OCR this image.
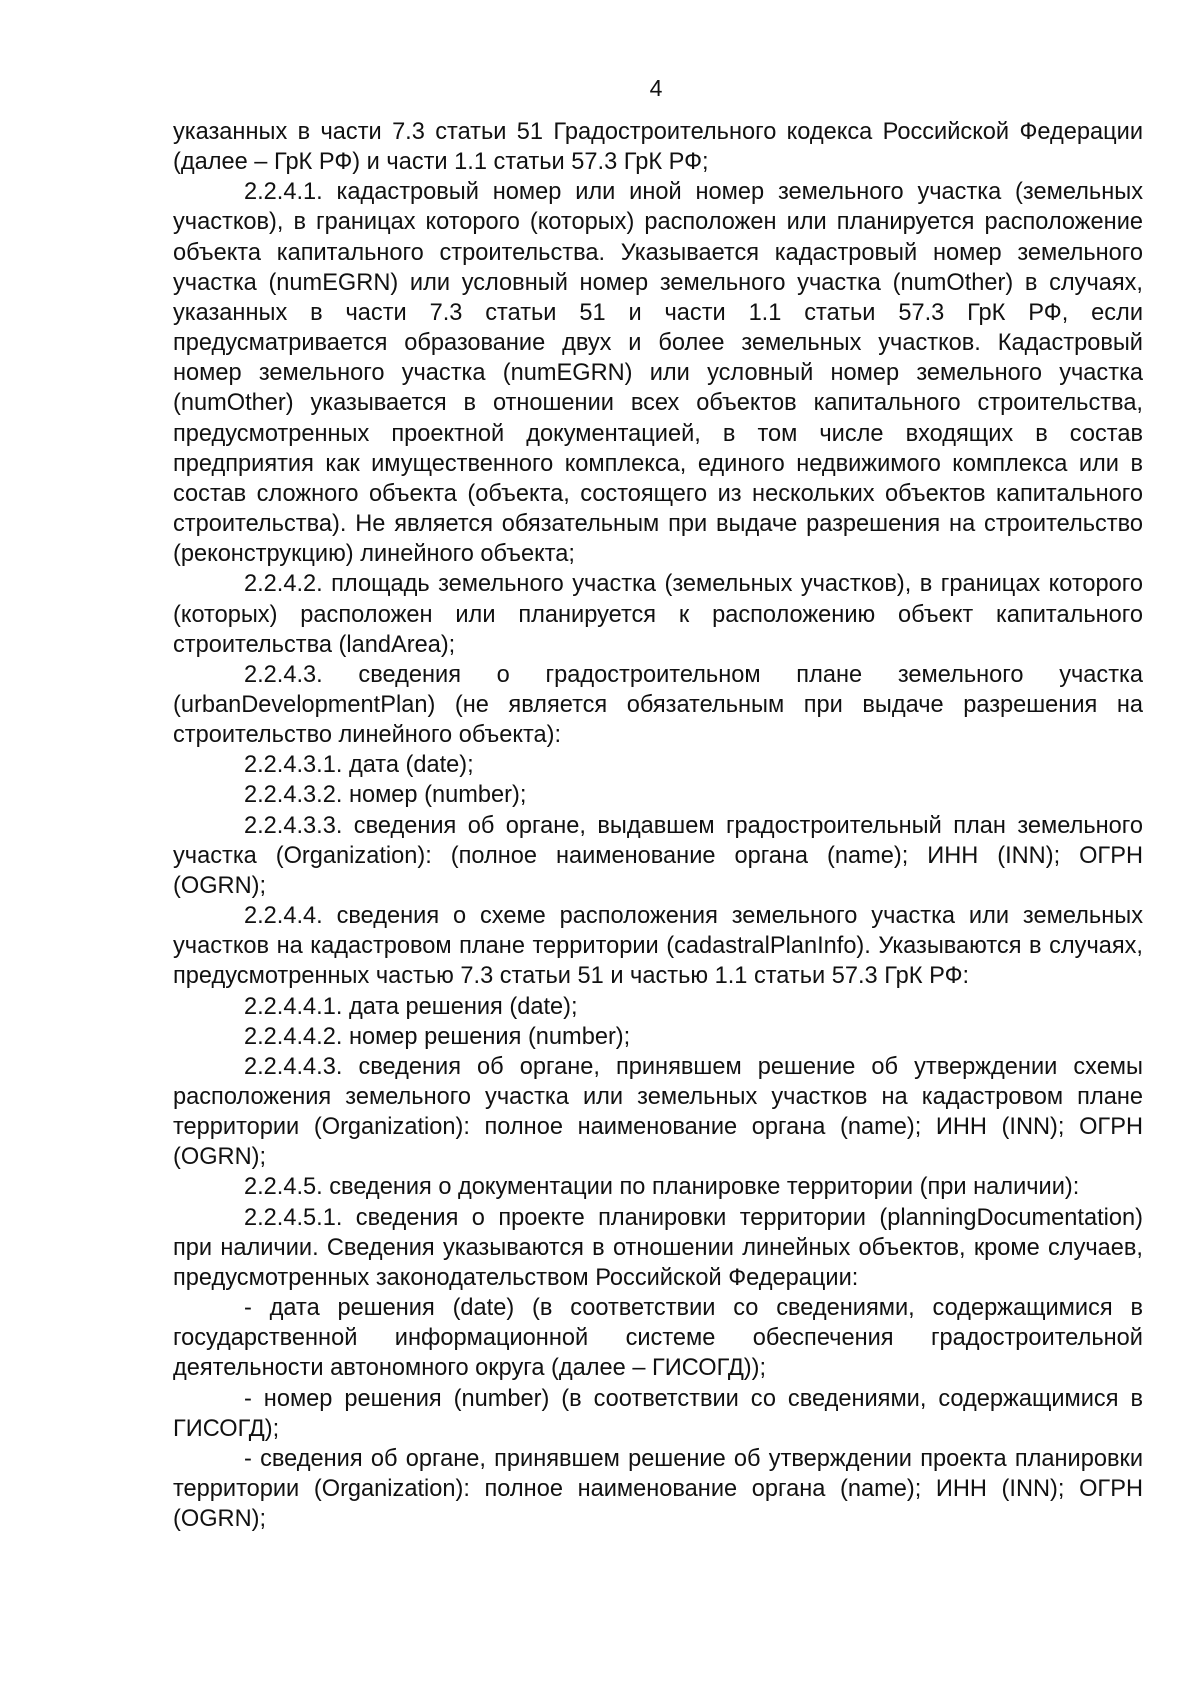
4

указанных в части 7.3 статьи 51 Градостроительного кодекса Российской Федерации (далее – ГрК РФ) и части 1.1 статьи 57.3 ГрК РФ;

2.2.4.1. кадастровый номер или иной номер земельного участка (земельных участков), в границах которого (которых) расположен или планируется расположение объекта капитального строительства. Указывается кадастровый номер земельного участка (numEGRN) или условный номер земельного участка (numOther) в случаях, указанных в части 7.3 статьи 51 и части 1.1 статьи 57.3 ГрК РФ, если предусматривается образование двух и более земельных участков. Кадастровый номер земельного участка (numEGRN) или условный номер земельного участка (numOther) указывается в отношении всех объектов капитального строительства, предусмотренных проектной документацией, в том числе входящих в состав предприятия как имущественного комплекса, единого недвижимого комплекса или в состав сложного объекта (объекта, состоящего из нескольких объектов капитального строительства). Не является обязательным при выдаче разрешения на строительство (реконструкцию) линейного объекта;

2.2.4.2. площадь земельного участка (земельных участков), в границах которого (которых) расположен или планируется к расположению объект капитального строительства (landArea);

2.2.4.3. сведения о градостроительном плане земельного участка (urbanDevelopmentPlan) (не является обязательным при выдаче разрешения на строительство линейного объекта):

2.2.4.3.1. дата (date);

2.2.4.3.2. номер (number);

2.2.4.3.3. сведения об органе, выдавшем градостроительный план земельного участка (Organization): (полное наименование органа (name); ИНН (INN); ОГРН (OGRN);

2.2.4.4. сведения о схеме расположения земельного участка или земельных участков на кадастровом плане территории (cadastralPlanInfo). Указываются в случаях, предусмотренных частью 7.3 статьи 51 и частью 1.1 статьи 57.3 ГрК РФ:

2.2.4.4.1. дата решения (date);

2.2.4.4.2. номер решения (number);

2.2.4.4.3. сведения об органе, принявшем решение об утверждении схемы расположения земельного участка или земельных участков на кадастровом плане территории (Organization): полное наименование органа (name); ИНН (INN); ОГРН (OGRN);

2.2.4.5. сведения о документации по планировке территории (при наличии):

2.2.4.5.1. сведения о проекте планировки территории (planningDocumentation) при наличии. Сведения указываются в отношении линейных объектов, кроме случаев, предусмотренных законодательством Российской Федерации:

- дата решения (date) (в соответствии со сведениями, содержащимися в государственной информационной системе обеспечения градостроительной деятельности автономного округа (далее – ГИСОГД));

- номер решения (number) (в соответствии со сведениями, содержащимися в ГИСОГД);

- сведения об органе, принявшем решение об утверждении проекта планировки территории (Organization): полное наименование органа (name); ИНН (INN); ОГРН (OGRN);
